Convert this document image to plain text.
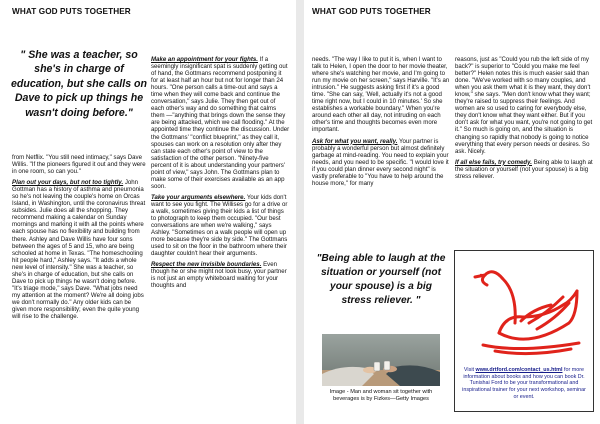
WHAT GOD PUTS TOGETHER
" She was a teacher, so she's in charge of education, but she calls on Dave to pick up things he wasn't doing before."

from Netflix. "You still need intimacy," says Dave Willis. "If the pioneers figured it out and they were in one room, so can you."

Plan out your days, but not too tightly. John Gottman has a history of asthma and pneumonia so he's not leaving the couple's home on Orcas Island, in Washington, until the coronavirus threat subsides. Julie does all the shopping. They recommend making a calendar on Sunday mornings and marking it with all the points where each spouse has no flexibility and building from there. Ashley and Dave Willis have four sons between the ages of 5 and 15, who are being schooled at home in Texas. "The homeschooling hit people hard," Ashley says. "It adds a whole new level of intensity." She was a teacher, so she's in charge of education, but she calls on Dave to pick up things he wasn't doing before. "It's triage mode," says Dave. "What jobs need my attention at the moment? We're all doing jobs we don't normally do." Any older kids can be given more responsibility; even the quite young will rise to the challenge.

Make an appointment for your fights. If a seemingly insignificant spat is suddenly getting out of hand, the Gottmans recommend postponing it for at least half an hour but not for longer than 24 hours. "One person calls a time-out and says a time when they will come back and continue the conversation," says Julie. They then get out of each other's way and do something that calms them —"anything that brings down the sense they are being attacked, which we call flooding." At the appointed time they continue the discussion. Under the Gottmans' "conflict blueprint," as they call it, spouses can work on a resolution only after they can state each other's point of view to the satisfaction of the other person. "Ninety-five percent of it is about understanding your partners' point of view," says John. The Gottmans plan to make some of their exercises available as an app soon.

Take your arguments elsewhere. Your kids don't want to see you fight. The Willises go for a drive or a walk, sometimes giving their kids a list of things to photograph to keep them occupied. "Our best conversations are when we're walking," says Ashley. "Sometimes on a walk people will open up more because they're side by side." The Gottmans used to sit on the floor in the bathroom where their daughter couldn't hear their arguments.

Respect the new invisible boundaries. Even though he or she might not look busy, your partner is not just an empty whiteboard waiting for your thoughts and

WHAT GOD PUTS TOGETHER

needs. "The way I like to put it is, when I want to talk to Helen, I open the door to her movie theater, where she's watching her movie, and I'm going to run my movie on her screen," says Harville. "It's an intrusion." He suggests asking first if it's a good time. "She can say, 'Well, actually it's not a good time right now, but I could in 10 minutes.' So she establishes a workable boundary." When you're around each other all day, not intruding on each other's time and thoughts becomes even more important.

Ask for what you want, really. Your partner is probably a wonderful person but almost definitely garbage at mind-reading. You need to explain your needs, and you need to be specific. "I would love it if you could plan dinner every second night" is vastly preferable to "You have to help around the house more," for many

reasons, just as "Could you rub the left side of my back?" is superior to "Could you make me feel better?" Helen notes this is much easier said than done. "We've worked with so many couples, and when you ask them what it is they want, they don't know," she says. "Men don't know what they want; they're raised to suppress their feelings. And women are so used to caring for everybody else, they don't know what they want either. But if you don't ask for what you want, you're not going to get it." So much is going on, and the situation is changing so rapidly that nobody is going to notice everything that every person needs or desires. So ask. Nicely.

If all else fails, try comedy. Being able to laugh at the situation or yourself (not your spouse) is a big stress reliever.

"Being able to laugh at the situation or yourself (not your spouse) is a big stress reliever. "
Image - Man and woman sit together with beverages is by Fizkes—Getty Images
Visit www.drtford.com/contact_us.html for more information about books and how you can book Dr. Tunishai Ford to be your transformational and inspirational trainer for your next workshop, seminar or event.
